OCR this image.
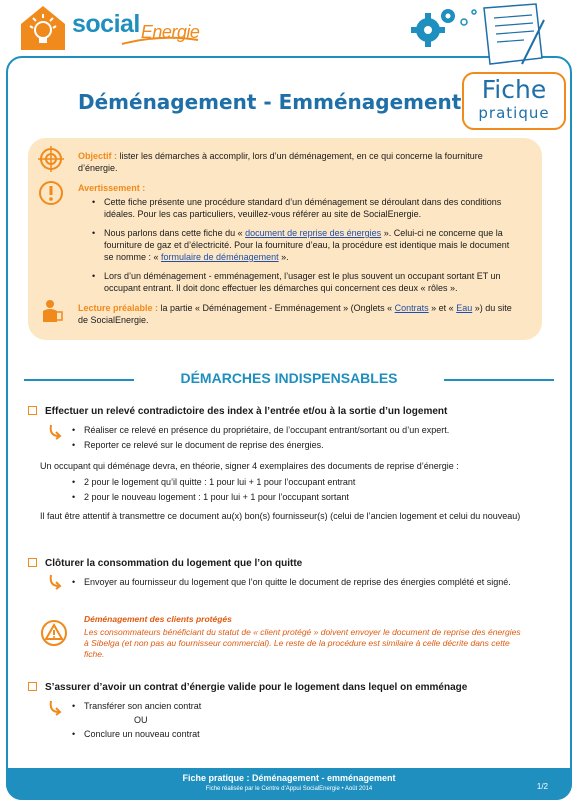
social$_{Energie}$
Fiche
pratique
Déménagement - Emménagement
Objectif : lister les démarches à accomplir, lors d’un déménagement, en ce qui concerne la fourniture d’énergie.
Avertissement :
• Cette fiche présente une procédure standard d’un déménagement se déroulant dans des conditions idéales. Pour les cas particuliers, veuillez-vous référer au site de SocialEnergie.
• Nous parlons dans cette fiche du « document de reprise des énergies ». Celui-ci ne concerne que la fourniture de gaz et d’électricité. Pour la fourniture d’eau, la procédure est identique mais le document se nomme : « formulaire de déménagement ».
• Lors d’un déménagement - emménagement, l’usager est le plus souvent un occupant sortant ET un occupant entrant. Il doit donc effectuer les démarches qui concernent ces deux « rôles ».
Lecture préalable : la partie « Déménagement - Emménagement » (Onglets « Contrats » et « Eau ») du site de SocialEnergie.
DÉMARCHES INDISPENSABLES
Effectuer un relevé contradictoire des index à l’entrée et/ou à la sortie d’un logement
• Réaliser ce relevé en présence du propriétaire, de l’occupant entrant/sortant ou d’un expert.
• Reporter ce relevé sur le document de reprise des énergies.
Un occupant qui déménage devra, en théorie, signer 4 exemplaires des documents de reprise d’énergie :
• 2 pour le logement qu’il quitte : 1 pour lui + 1 pour l’occupant entrant
• 2 pour le nouveau logement : 1 pour lui + 1 pour l’occupant sortant
Il faut être attentif à transmettre ce document au(x) bon(s) fournisseur(s) (celui de l’ancien logement et celui du nouveau)
Clôturer la consommation du logement que l’on quitte
• Envoyer au fournisseur du logement que l’on quitte le document de reprise des énergies complété et signé.
Déménagement des clients protégés
Les consommateurs bénéficiant du statut de « client protégé » doivent envoyer le document de reprise des énergies à Sibelga (et non pas au fournisseur commercial). Le reste de la procédure est similaire à celle décrite dans cette fiche.
S’assurer d’avoir un contrat d’énergie valide pour le logement dans lequel on emménage
• Transférer son ancien contrat
OU
• Conclure un nouveau contrat
Fiche pratique : Déménagement - emménagement
Fiche réalisée par le Centre d’Appui SocialEnergie • Août 2014	1/2
